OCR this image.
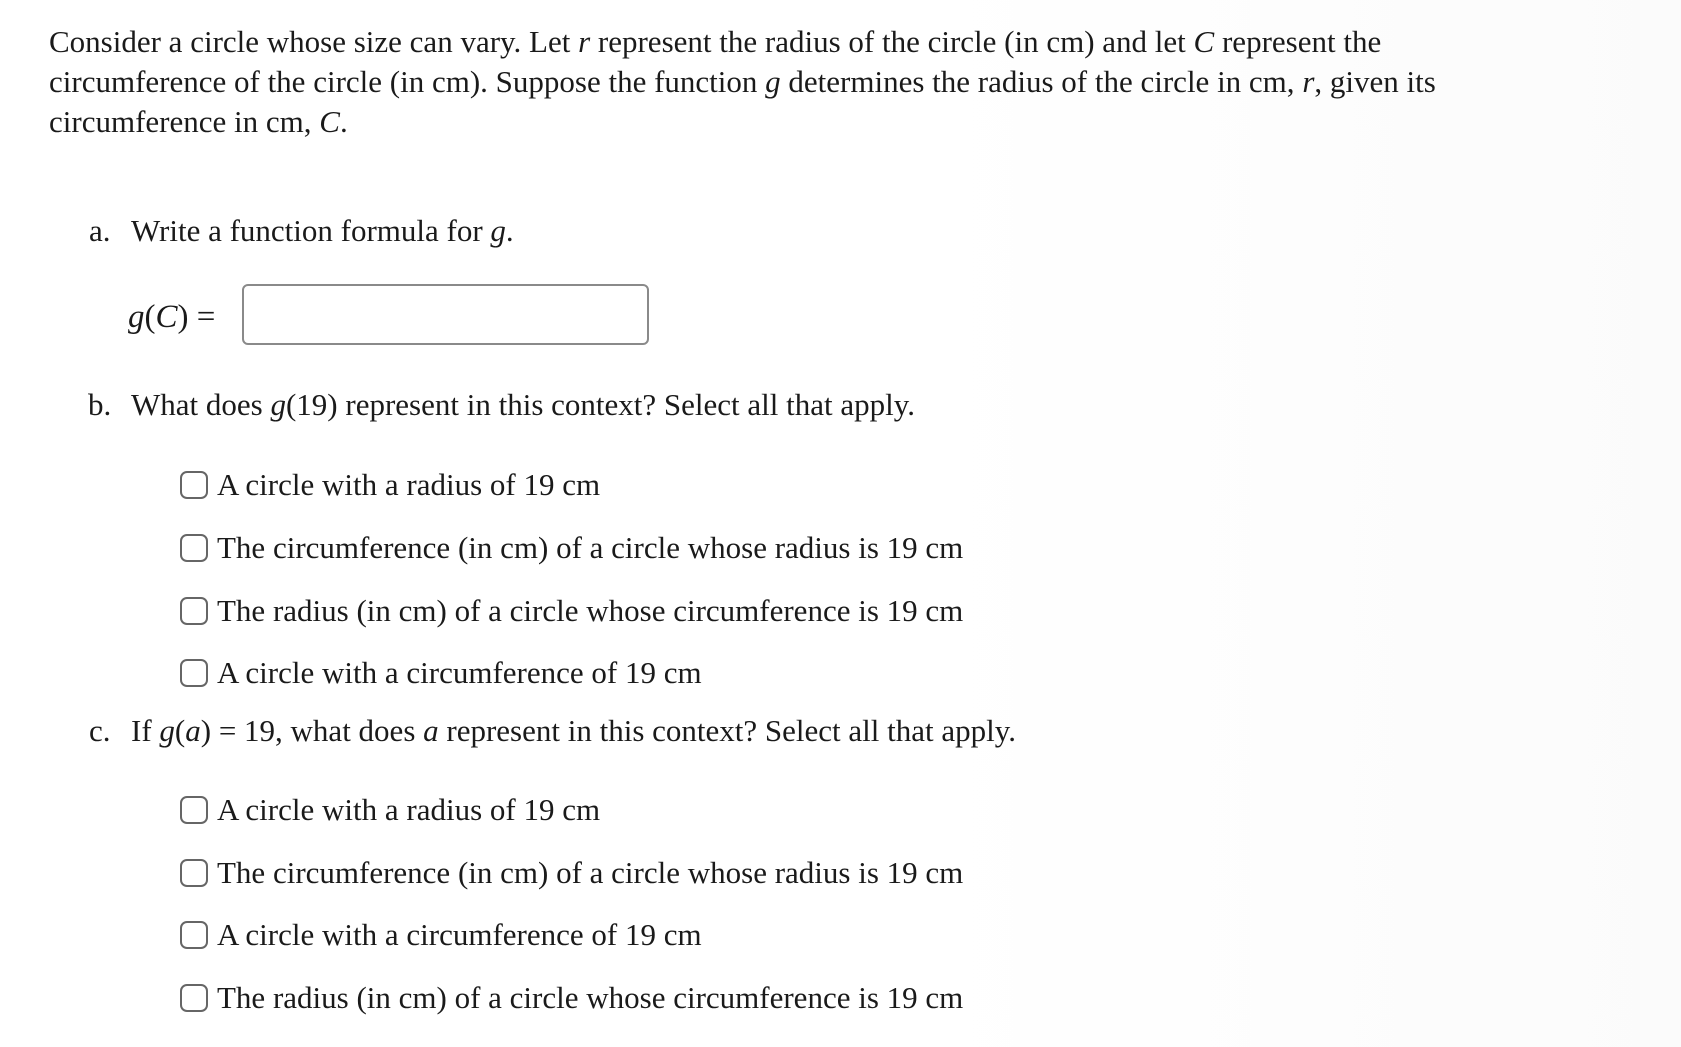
Consider a circle whose size can vary. Let r represent the radius of the circle (in cm) and let C represent the circumference of the circle (in cm). Suppose the function g determines the radius of the circle in cm, r, given its circumference in cm, C.
a. Write a function formula for g.
g(C) =
b. What does g(19) represent in this context? Select all that apply.
A circle with a radius of 19 cm
The circumference (in cm) of a circle whose radius is 19 cm
The radius (in cm) of a circle whose circumference is 19 cm
A circle with a circumference of 19 cm
c. If g(a) = 19, what does a represent in this context? Select all that apply.
A circle with a radius of 19 cm
The circumference (in cm) of a circle whose radius is 19 cm
A circle with a circumference of 19 cm
The radius (in cm) of a circle whose circumference is 19 cm
